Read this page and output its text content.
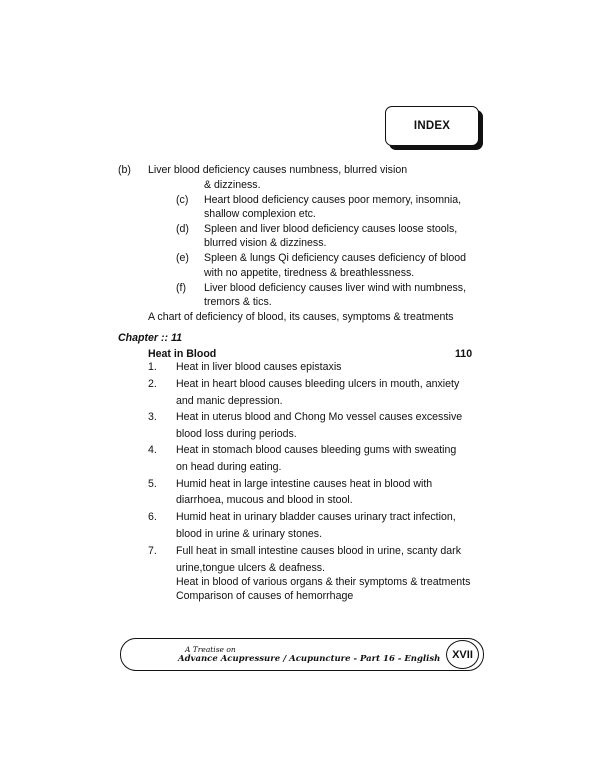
INDEX
(b) Liver blood deficiency causes numbness, blurred vision
& dizziness.
(c) Heart blood deficiency causes poor memory, insomnia,
shallow complexion etc.
(d) Spleen and liver blood deficiency causes loose stools,
blurred vision & dizziness.
(e) Spleen & lungs Qi deficiency causes deficiency of blood
with no appetite, tiredness & breathlessness.
(f) Liver blood deficiency causes liver wind with numbness,
tremors & tics.
A chart of deficiency of blood, its causes, symptoms & treatments
Chapter :: 11
Heat in Blood	110
1. Heat in liver blood causes epistaxis
2. Heat in heart blood causes bleeding ulcers in mouth, anxiety
and manic depression.
3. Heat in uterus blood and Chong Mo vessel causes excessive
blood loss during periods.
4. Heat in stomach blood causes bleeding gums with sweating
on head during eating.
5. Humid heat in large intestine causes heat in blood with
diarrhoea, mucous and blood in stool.
6. Humid heat in urinary bladder causes urinary tract infection,
blood in urine & urinary stones.
7. Full heat in small intestine causes blood in urine, scanty dark
urine,tongue ulcers & deafness.
Heat in blood of various organs & their symptoms & treatments
Comparison of causes of hemorrhage
A Treatise on
Advance Acupressure / Acupuncture - Part 16 - English	XVII
